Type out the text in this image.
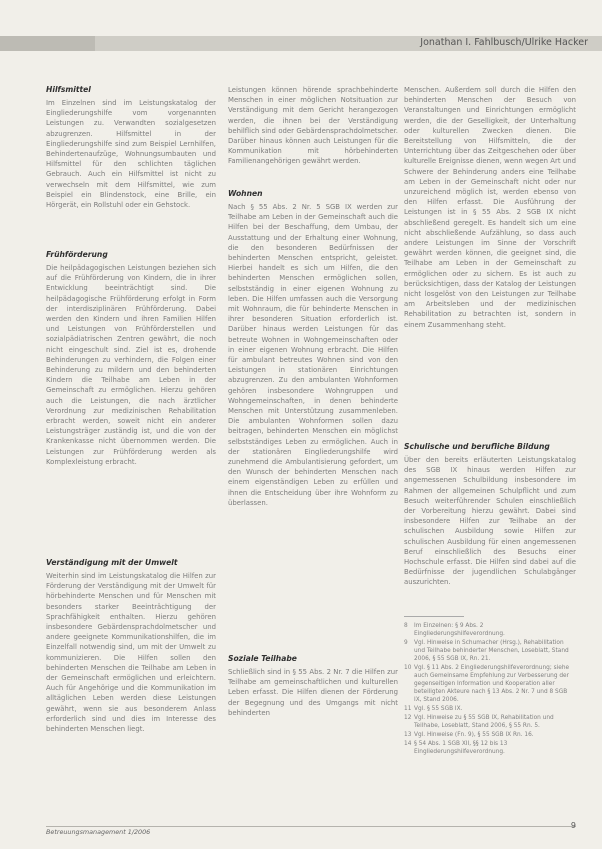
Jonathan I. Fahlbusch/Ulrike Hacker
Hilfsmittel

Im Einzelnen sind im Leistungskatalog der Eingliederungshilfe vom vorgenannten Leistungen zu. Verwandten sozialgesetzen abzugrenzen. Hilfsmittel in der Eingliederungshilfe sind zum Beispiel Lernhilfen, Behindertenaufzüge, Wohnungsumbauten und Hilfsmittel für den schlichten täglichen Gebrauch. Auch ein Hilfsmittel ist nicht zu verwechseln mit dem Hilfsmittel, wie zum Beispiel ein Blindenstock, eine Brille, ein Hörgerät, ein Rollstuhl oder ein Gehstock.

Frühförderung

Die heilpädagogischen Leistungen beziehen sich auf die Frühförderung von Kindern, die in ihrer Entwicklung beeinträchtigt sind. Die heilpädagogische Frühförderung erfolgt in Form der interdisziplinären Frühförderung. Dabei werden den Kindern und ihren Familien Hilfen und Leistungen von Frühförderstellen und sozialpädiatrischen Zentren gewährt, die noch nicht eingeschult sind. Ziel ist es, drohende Behinderungen zu verhindern, die Folgen einer Behinderung zu mildern und den behinderten Kindern die Teilhabe am Leben in der Gemeinschaft zu ermöglichen. Hierzu gehören auch die Leistungen, die nach ärztlicher Verordnung zur medizinischen Rehabilitation erbracht werden, soweit nicht ein anderer Leistungsträger zuständig ist, und die von der Krankenkasse nicht übernommen werden. Die Leistungen zur Frühförderung werden als Komplexleistung erbracht.

Verständigung mit der Umwelt

Weiterhin sind im Leistungskatalog die Hilfen zur Förderung der Verständigung mit der Umwelt für hörbehinderte Menschen und für Menschen mit besonders starker Beeinträchtigung der Sprachfähigkeit enthalten. Hierzu gehören insbesondere Gebärdensprachdolmetscher und andere geeignete Kommunikationshilfen, die im Einzelfall notwendig sind, um mit der Umwelt zu kommunizieren. Die Hilfen sollen den behinderten Menschen die Teilhabe am Leben in der Gemeinschaft ermöglichen und erleichtern. Auch für Angehörige und die Kommunikation im alltäglichen Leben werden diese Leistungen gewährt, wenn sie aus besonderem Anlass erforderlich sind und dies im Interesse des behinderten Menschen liegt.

Leistungen können hörende sprachbehinderte Menschen in einer möglichen Notsituation zur Verständigung mit dem Gericht herangezogen werden, die ihnen bei der Verständigung behilflich sind oder Gebärdensprachdolmetscher. Darüber hinaus können auch Leistungen für die Kommunikation mit hörbehinderten Familienangehörigen gewährt werden.

Wohnen

Nach § 55 Abs. 2 Nr. 5 SGB IX werden zur Teilhabe am Leben in der Gemeinschaft auch die Hilfen bei der Beschaffung, dem Umbau, der Ausstattung und der Erhaltung einer Wohnung, die den besonderen Bedürfnissen der behinderten Menschen entspricht, geleistet. Hierbei handelt es sich um Hilfen, die den behinderten Menschen ermöglichen sollen, selbstständig in einer eigenen Wohnung zu leben. Die Hilfen umfassen auch die Versorgung mit Wohnraum, die für behinderte Menschen in ihrer besonderen Situation erforderlich ist. Darüber hinaus werden Leistungen für das betreute Wohnen in Wohngemeinschaften oder in einer eigenen Wohnung erbracht. Die Hilfen für ambulant betreutes Wohnen sind von den Leistungen in stationären Einrichtungen abzugrenzen. Zu den ambulanten Wohnformen gehören insbesondere Wohngruppen und Wohngemeinschaften, in denen behinderte Menschen mit Unterstützung zusammenleben. Die ambulanten Wohnformen sollen dazu beitragen, behinderten Menschen ein möglichst selbstständiges Leben zu ermöglichen. Auch in der stationären Eingliederungshilfe wird zunehmend die Ambulantisierung gefordert, um den Wunsch der behinderten Menschen nach einem eigenständigen Leben zu erfüllen und ihnen die Entscheidung über ihre Wohnform zu überlassen.

Soziale Teilhabe

Schließlich sind in § 55 Abs. 2 Nr. 7 die Hilfen zur Teilhabe am gemeinschaftlichen und kulturellen Leben erfasst. Die Hilfen dienen der Förderung der Begegnung und des Umgangs mit nicht behinderten

Menschen. Außerdem soll durch die Hilfen den behinderten Menschen der Besuch von Veranstaltungen und Einrichtungen ermöglicht werden, die der Geselligkeit, der Unterhaltung oder kulturellen Zwecken dienen. Die Bereitstellung von Hilfsmitteln, die der Unterrichtung über das Zeitgeschehen oder über kulturelle Ereignisse dienen, wenn wegen Art und Schwere der Behinderung anders eine Teilhabe am Leben in der Gemeinschaft nicht oder nur unzureichend möglich ist, werden ebenso von den Hilfen erfasst. Die Ausführung der Leistungen ist in § 55 Abs. 2 SGB IX nicht abschließend geregelt. Es handelt sich um eine nicht abschließende Aufzählung, so dass auch andere Leistungen im Sinne der Vorschrift gewährt werden können, die geeignet sind, die Teilhabe am Leben in der Gemeinschaft zu ermöglichen oder zu sichern. Es ist auch zu berücksichtigen, dass der Katalog der Leistungen nicht losgelöst von den Leistungen zur Teilhabe am Arbeitsleben und der medizinischen Rehabilitation zu betrachten ist, sondern in einem Zusammenhang steht.

Schulische und berufliche Bildung

Über den bereits erläuterten Leistungskatalog des SGB IX hinaus werden Hilfen zur angemessenen Schulbildung insbesondere im Rahmen der allgemeinen Schulpflicht und zum Besuch weiterführender Schulen einschließlich der Vorbereitung hierzu gewährt. Dabei sind insbesondere Hilfen zur Teilhabe an der schulischen Ausbildung sowie Hilfen zur schulischen Ausbildung für einen angemessenen Beruf einschließlich des Besuchs einer Hochschule erfasst. Die Hilfen sind dabei auf die Bedürfnisse der jugendlichen Schulabgänger auszurichten.

8	Im Einzelnen: § 9 Abs. 2 Eingliederungshilfeverordnung.
9	Vgl. Hinweise in Schumacher (Hrsg.), Rehabilitation und Teilhabe behinderter Menschen, Loseblatt, Stand 2006, § 55 SGB IX, Rn. 21.
10 Vgl. § 11 Abs. 2 Eingliederungshilfeverordnung; siehe auch Gemeinsame Empfehlung zur Verbesserung der gegenseitigen Information und Kooperation aller beteiligten Akteure nach § 13 Abs. 2 Nr. 7 und 8 SGB IX, Stand 2006.
11 Vgl. § 55 SGB IX.
12 Vgl. Hinweise zu § 55 SGB IX, Rehabilitation und Teilhabe, Loseblatt, Stand 2006, § 55 Rn. 5.
13 Vgl. Hinweise (Fn. 9), § 55 SGB IX Rn. 16.
14 § 54 Abs. 1 SGB XII, §§ 12 bis 13 Eingliederungshilfeverordnung.
Betreuungsmanagement 1/2006
9
